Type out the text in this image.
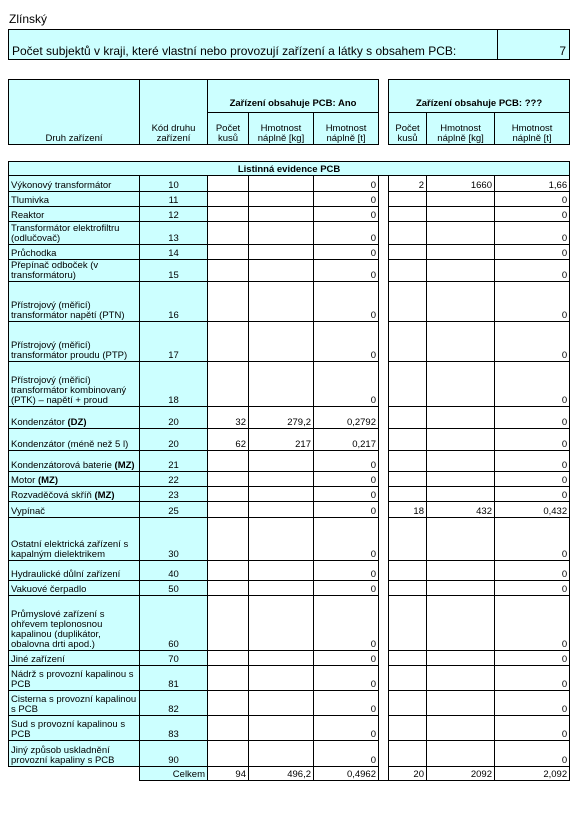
Zlínský
Počet subjektů v kraji, které vlastní nebo provozují zařízení a látky s obsahem PCB:	7
Druh zařízení	Kód druhu zařízení							
		Zařízení obsahuje PCB: Ano				Zařízení obsahuje PCB: ???		
		Počet kusů	Hmotnost náplně [kg]	Hmotnost náplně [t]		Počet kusů	Hmotnost náplně [kg]	Hmotnost náplně [t]
Listinná evidence PCB								
Výkonový transformátor	10			0		2	1660	1,66
Tlumivka	11			0				0
Reaktor	12			0				0
Transformátor elektrofiltru (odlučovač)	13			0				0
Průchodka	14			0				0
Přepínač odboček (v transformátoru)	15			0				0
Přístrojový (měřicí) transformátor napětí (PTN)	16			0				0
Přístrojový (měřicí) transformátor proudu (PTP)	17			0				0
Přístrojový (měřicí) transformátor kombinovaný (PTK) – napětí + proud	18			0				0
Kondenzátor (DZ)	20	32	279,2	0,2792				0
Kondenzátor (méně než 5 l)	20	62	217	0,217				0
Kondenzátorová baterie (MZ)	21			0				0
Motor (MZ)	22			0				0
Rozvaděčová skříň (MZ)	23			0				0
Vypínač	25			0		18	432	0,432
Ostatní elektrická zařízení s kapalným dielektrikem	30			0				0
Hydraulické důlní zařízení	40			0				0
Vakuové čerpadlo	50			0				0
Průmyslové zařízení s ohřevem teplonosnou kapalinou (duplikátor, obalovna drti apod.)	60			0				0
Jiné zařízení	70			0				0
Nádrž s provozní kapalinou s PCB	81			0				0
Cisterna s provozní kapalinou s PCB	82			0				0
Sud s provozní kapalinou s PCB	83			0				0
Jiný způsob uskladnění provozní kapaliny s PCB	90			0				0
	Celkem	94	496,2	0,4962		20	2092	2,092
